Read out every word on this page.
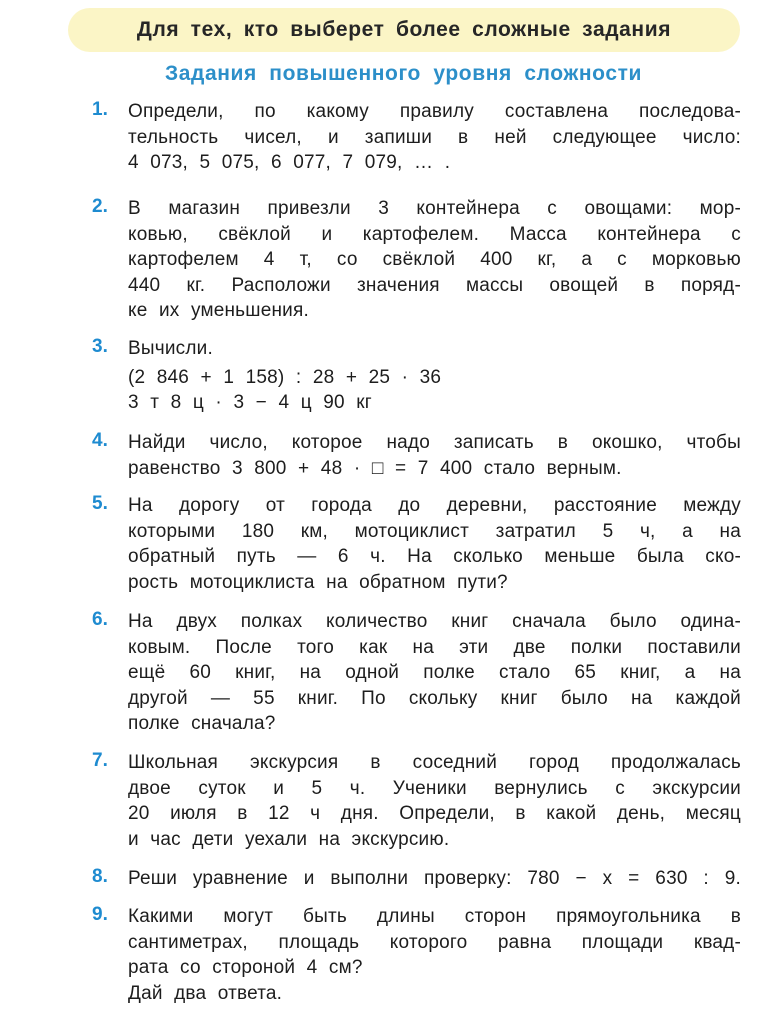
Для тех, кто выберет более сложные задания
Задания повышенного уровня сложности
1.	Определи, по какому правилу составлена последова-
тельность чисел, и запиши в ней следующее число:
4 073, 5 075, 6 077, 7 079, … .
2.	В магазин привезли 3 контейнера с овощами: мор-
ковью, свёклой и картофелем. Масса контейнера с
картофелем 4 т, со свёклой 400 кг, а с морковью
440 кг. Расположи значения массы овощей в поряд-
ке их уменьшения.
3.	Вычисли.
(2 846 + 1 158) : 28 + 25 · 36
3 т 8 ц · 3 − 4 ц 90 кг
4.	Найди число, которое надо записать в окошко, чтобы
равенство 3 800 + 48 · □ = 7 400 стало верным.
5.	На дорогу от города до деревни, расстояние между
которыми 180 км, мотоциклист затратил 5 ч, а на
обратный путь — 6 ч. На сколько меньше была ско-
рость мотоциклиста на обратном пути?
6.	На двух полках количество книг сначала было одина-
ковым. После того как на эти две полки поставили
ещё 60 книг, на одной полке стало 65 книг, а на
другой — 55 книг. По скольку книг было на каждой
полке сначала?
7.	Школьная экскурсия в соседний город продолжалась
двое суток и 5 ч. Ученики вернулись с экскурсии
20 июля в 12 ч дня. Определи, в какой день, месяц
и час дети уехали на экскурсию.
8.	Реши уравнение и выполни проверку: 780 − x = 630 : 9.
9.	Какими могут быть длины сторон прямоугольника в
сантиметрах, площадь которого равна площади квад-
рата со стороной 4 см?
Дай два ответа.
